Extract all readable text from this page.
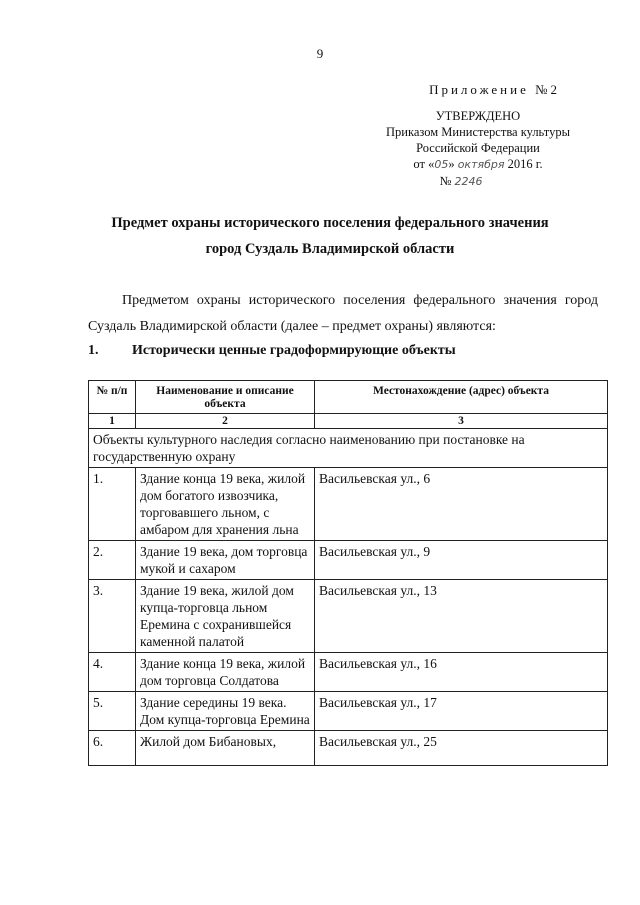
9
Приложение №2
УТВЕРЖДЕНО
Приказом Министерства культуры
Российской Федерации
от «05» октября 2016 г.
№ 2246
Предмет охраны исторического поселения федерального значения
город Суздаль Владимирской области
Предметом охраны исторического поселения федерального значения город Суздаль Владимирской области (далее – предмет охраны) являются:
1.	Исторически ценные градоформирующие объекты
№ п/п	Наименование и описание объекта	Местонахождение (адрес) объекта
1	2	3
Объекты культурного наследия согласно наименованию при постановке на государственную охрану		
1.	Здание конца 19 века, жилой дом богатого извозчика, торговавшего льном, с амбаром для хранения льна	Васильевская ул., 6
2.	Здание 19 века, дом торговца мукой и сахаром	Васильевская ул., 9
3.	Здание 19 века, жилой дом купца-торговца льном Еремина с сохранившейся каменной палатой	Васильевская ул., 13
4.	Здание конца 19 века, жилой дом торговца Солдатова	Васильевская ул., 16
5.	Здание середины 19 века. Дом купца-торговца Еремина	Васильевская ул., 17
6.	Жилой дом Бибановых,	Васильевская ул., 25
